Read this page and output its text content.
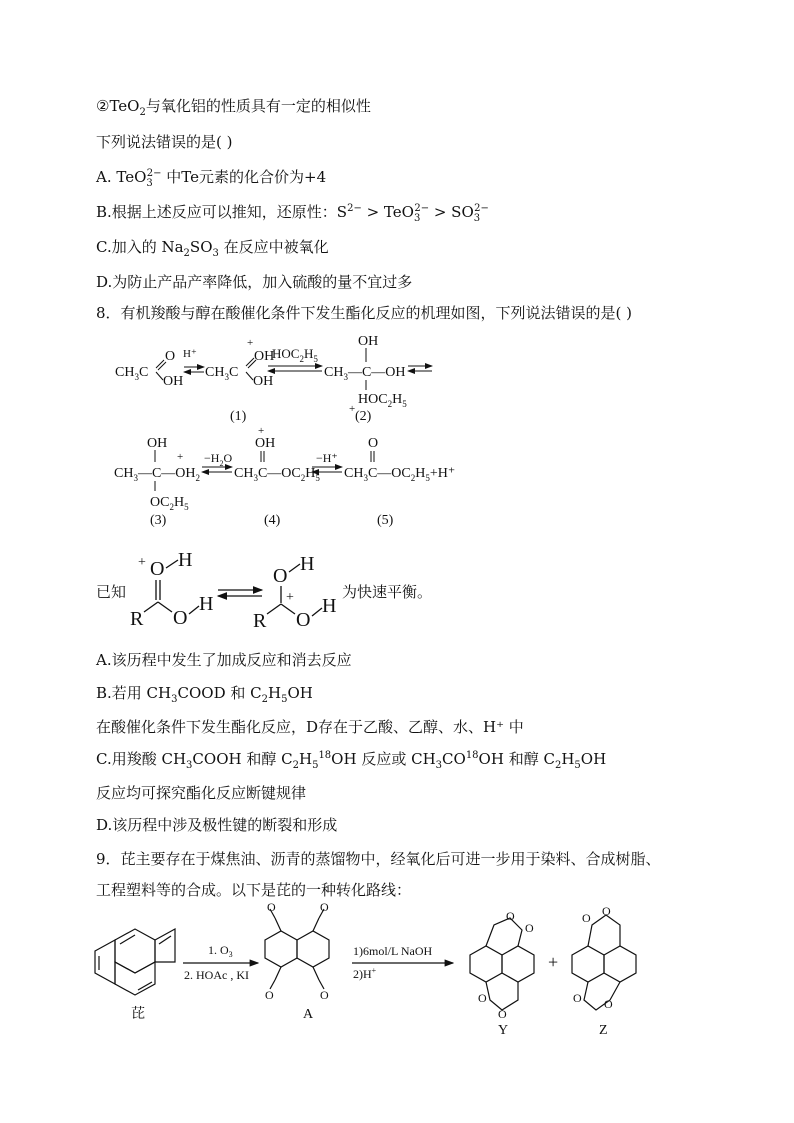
②TeO$_2$与氧化铝的性质具有一定的相似性
下列说法错误的是( )
A. TeO$_3^{2-}$ 中Te元素的化合价为+4
B.根据上述反应可以推知，还原性：$S^{2-} > TeO_3^{2-} > SO_3^{2-}$
C.加入的 $Na_2SO_3$ 在反应中被氧化
D.为防止产品产率降低，加入硫酸的量不宜过多
8．有机羧酸与醇在酸催化条件下发生酯化反应的机理如图，下列说法错误的是( )
$CH_3C$
O
OH
H⁺
$CH_3C$
+
OH
OH
$HOC_2H_5$
$CH_3—C—OH$
OH
$HOC_2H_5$
+
(1)	(2)
OH
$CH_3—C—OH_2$
+
$OC_2H_5$
$-H_2O$
+
OH
$CH_3C—OC_2H_5$
−H⁺
O
$CH_3C—OC_2H_5+H^+$
(3)	(4)	(5)
+ O H
R O
H
O
H
+
R O
H
已知	为快速平衡。
A.该历程中发生了加成反应和消去反应
B.若用 $CH_3COOD$ 和 $C_2H_5OH$
在酸催化条件下发生酯化反应，D存在于乙酸、乙醇、水、H⁺ 中
C.用羧酸 $CH_3COOH$ 和醇 $C_2H_5^{18}OH$ 反应或 $CH_3CO^{18}OH$ 和醇 $C_2H_5OH$
反应均可探究酯化反应断键规律
D.该历程中涉及极性键的断裂和形成
9．芘主要存在于煤焦油、沥青的蒸馏物中，经氧化后可进一步用于染料、合成树脂、
工程塑料等的合成。以下是芘的一种转化路线：
1. $O_3$
2. HOAc , KI
1)6mol/L NaOH
2)H+
O	O
O	O
O
O
O
O
O O
O O
芘	A
Y	Z
+
